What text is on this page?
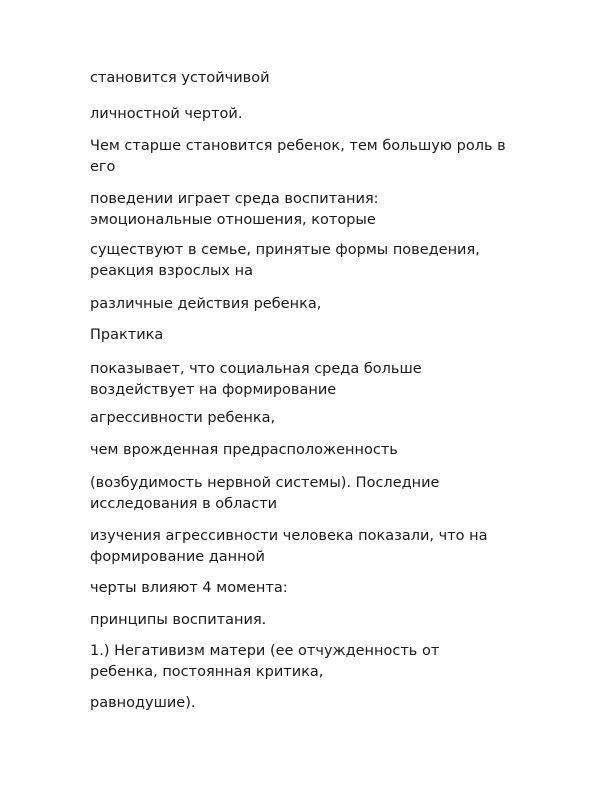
становится устойчивой

личностной чертой.

Чем старше становится ребенок, тем большую роль в его

поведении играет среда воспитания: эмоциональные отношения, которые

существуют в семье, принятые формы поведения, реакция взрослых на

различные действия ребенка,

Практика

показывает, что социальная среда больше воздействует на формирование

агрессивности ребенка,

чем врожденная предрасположенность

(возбудимость нервной системы). Последние исследования в области

изучения агрессивности человека показали, что на формирование данной

черты влияют 4 момента:

принципы воспитания.

1.) Негативизм матери (ее отчужденность от ребенка, постоянная критика,

равнодушие).
